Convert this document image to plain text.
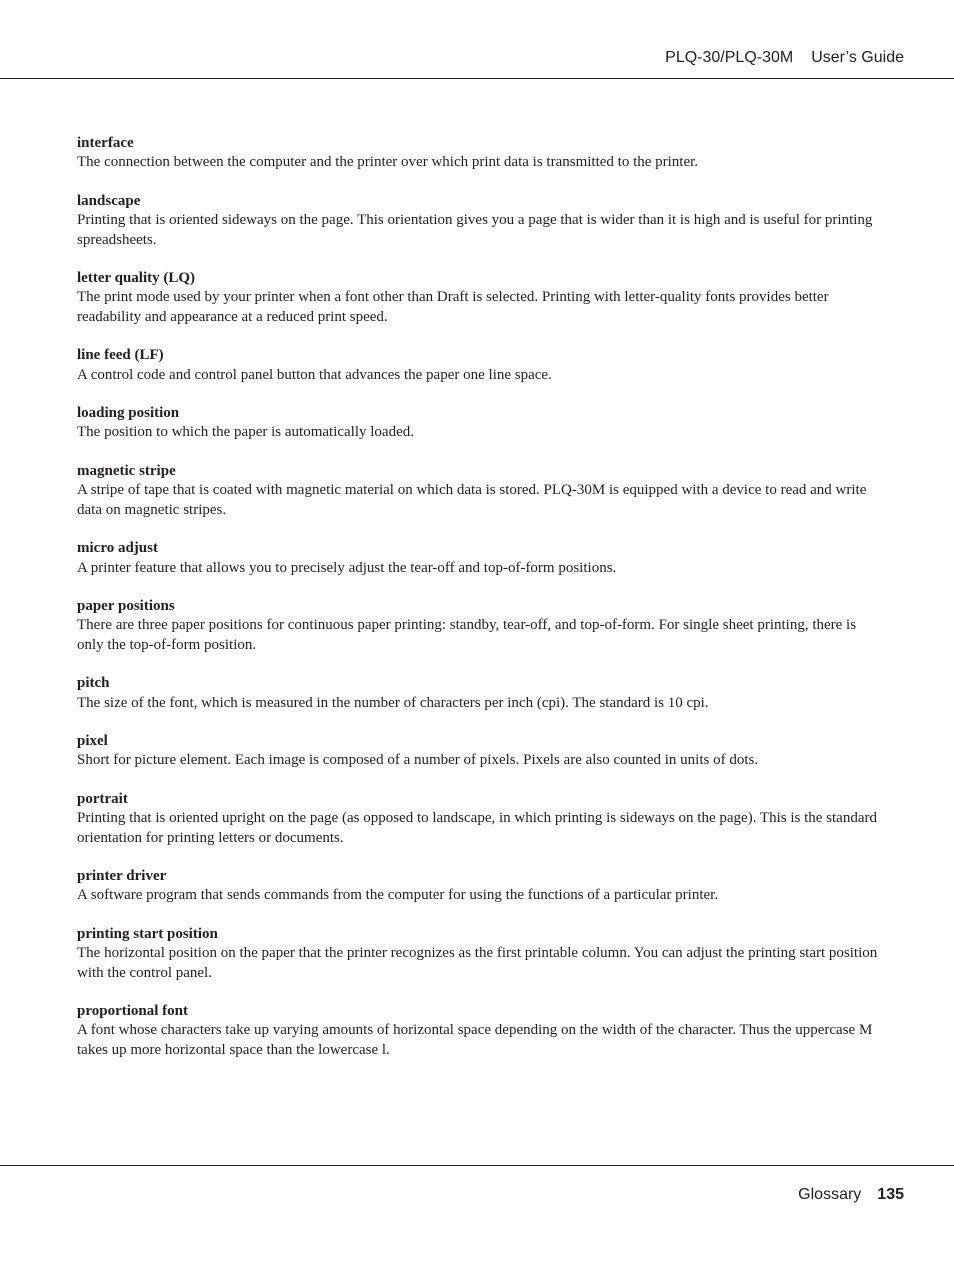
PLQ-30/PLQ-30M User’s Guide
interface
The connection between the computer and the printer over which print data is transmitted to the printer.
landscape
Printing that is oriented sideways on the page. This orientation gives you a page that is wider than it is high and is useful for printing spreadsheets.
letter quality (LQ)
The print mode used by your printer when a font other than Draft is selected. Printing with letter-quality fonts provides better readability and appearance at a reduced print speed.
line feed (LF)
A control code and control panel button that advances the paper one line space.
loading position
The position to which the paper is automatically loaded.
magnetic stripe
A stripe of tape that is coated with magnetic material on which data is stored. PLQ-30M is equipped with a device to read and write data on magnetic stripes.
micro adjust
A printer feature that allows you to precisely adjust the tear-off and top-of-form positions.
paper positions
There are three paper positions for continuous paper printing: standby, tear-off, and top-of-form. For single sheet printing, there is only the top-of-form position.
pitch
The size of the font, which is measured in the number of characters per inch (cpi). The standard is 10 cpi.
pixel
Short for picture element. Each image is composed of a number of pixels. Pixels are also counted in units of dots.
portrait
Printing that is oriented upright on the page (as opposed to landscape, in which printing is sideways on the page). This is the standard orientation for printing letters or documents.
printer driver
A software program that sends commands from the computer for using the functions of a particular printer.
printing start position
The horizontal position on the paper that the printer recognizes as the first printable column. You can adjust the printing start position with the control panel.
proportional font
A font whose characters take up varying amounts of horizontal space depending on the width of the character. Thus the uppercase M takes up more horizontal space than the lowercase l.
Glossary 135
